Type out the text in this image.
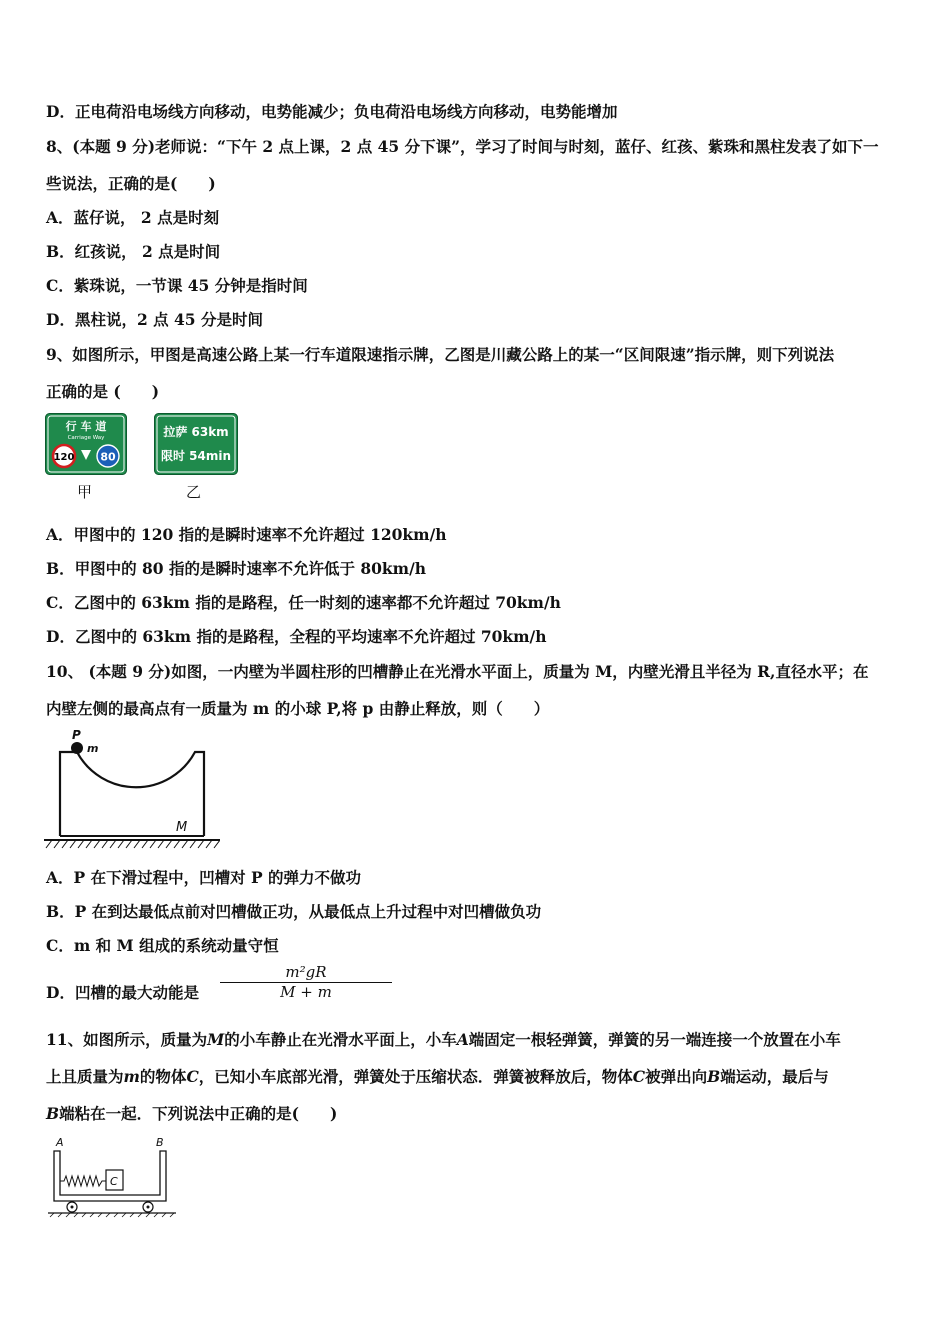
D．正电荷沿电场线方向移动，电势能减少；负电荷沿电场线方向移动，电势能增加
8、(本题 9 分)老师说：“下午 2 点上课，2 点 45 分下课”，学习了时间与时刻，蓝仔、红孩、紫珠和黑柱发表了如下一
些说法，正确的是(　　)
A．蓝仔说， 2 点是时刻
B．红孩说， 2 点是时间
C．紫珠说，一节课 45 分钟是指时间
D．黑柱说，2 点 45 分是时间
9、如图所示，甲图是高速公路上某一行车道限速指示牌，乙图是川藏公路上的某一“区间限速”指示牌，则下列说法
正确的是 (　　)
行 车 道
Carriage Way
120 80
甲
拉萨 63km
限时 54min
乙
A．甲图中的 120 指的是瞬时速率不允许超过 120km/h
B．甲图中的 80 指的是瞬时速率不允许低于 80km/h
C．乙图中的 63km 指的是路程，任一时刻的速率都不允许超过 70km/h
D．乙图中的 63km 指的是路程，全程的平均速率不允许超过 70km/h
10、 (本题 9 分)如图，一内壁为半圆柱形的凹槽静止在光滑水平面上，质量为 M，内壁光滑且半径为 R,直径水平；在
内壁左侧的最高点有一质量为 m 的小球 P,将 p 由静止释放，则（　　）
P
m
M
A．P 在下滑过程中，凹槽对 P 的弹力不做功
B．P 在到达最低点前对凹槽做正功，从最低点上升过程中对凹槽做负功
C．m 和 M 组成的系统动量守恒
D．凹槽的最大动能是
m²gR
M + m
11、如图所示，质量为M的小车静止在光滑水平面上，小车A端固定一根轻弹簧，弹簧的另一端连接一个放置在小车
上且质量为m的物体C，已知小车底部光滑，弹簧处于压缩状态．弹簧被释放后，物体C被弹出向B端运动，最后与
B端粘在一起．下列说法中正确的是(　　)
A	B
C
